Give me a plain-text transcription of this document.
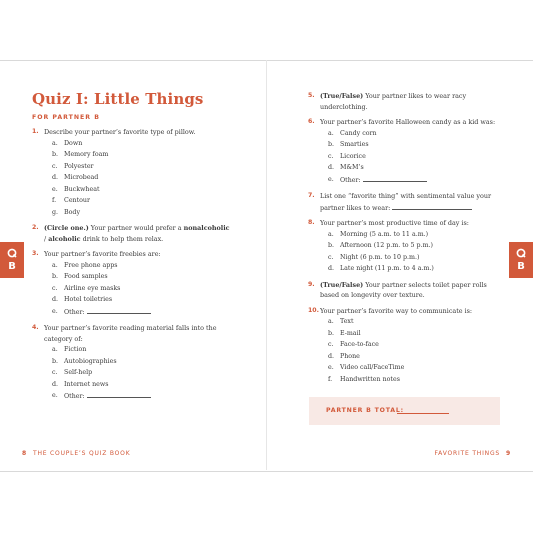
Quiz I: Little Things
FOR PARTNER B
1. Describe your partner’s favorite type of pillow.
a. Down
b. Memory foam
c. Polyester
d. Microbead
e. Buckwheat
f. Centour
g. Body
2. (Circle one.) Your partner would prefer a nonalcoholic / alcoholic drink to help them relax.
3. Your partner’s favorite freebies are:
a. Free phone apps
b. Food samples
c. Airline eye masks
d. Hotel toiletries
e. Other:
4. Your partner’s favorite reading material falls into the category of:
a. Fiction
b. Autobiographies
c. Self-help
d. Internet news
e. Other:
5. (True/False) Your partner likes to wear racy underclothing.
6. Your partner’s favorite Halloween candy as a kid was:
a. Candy corn
b. Smarties
c. Licorice
d. M&M’s
e. Other:
7. List one “favorite thing” with sentimental value your partner likes to wear:
8. Your partner’s most productive time of day is:
a. Morning (5 a.m. to 11 a.m.)
b. Afternoon (12 p.m. to 5 p.m.)
c. Night (6 p.m. to 10 p.m.)
d. Late night (11 p.m. to 4 a.m.)
9. (True/False) Your partner selects toilet paper rolls based on longevity over texture.
10. Your partner’s favorite way to communicate is:
a. Text
b. E-mail
c. Face-to-face
d. Phone
e. Video call/FaceTime
f. Handwritten notes
PARTNER B TOTAL:
B	B
8 THE COUPLE’S QUIZ BOOK	FAVORITE THINGS 9
